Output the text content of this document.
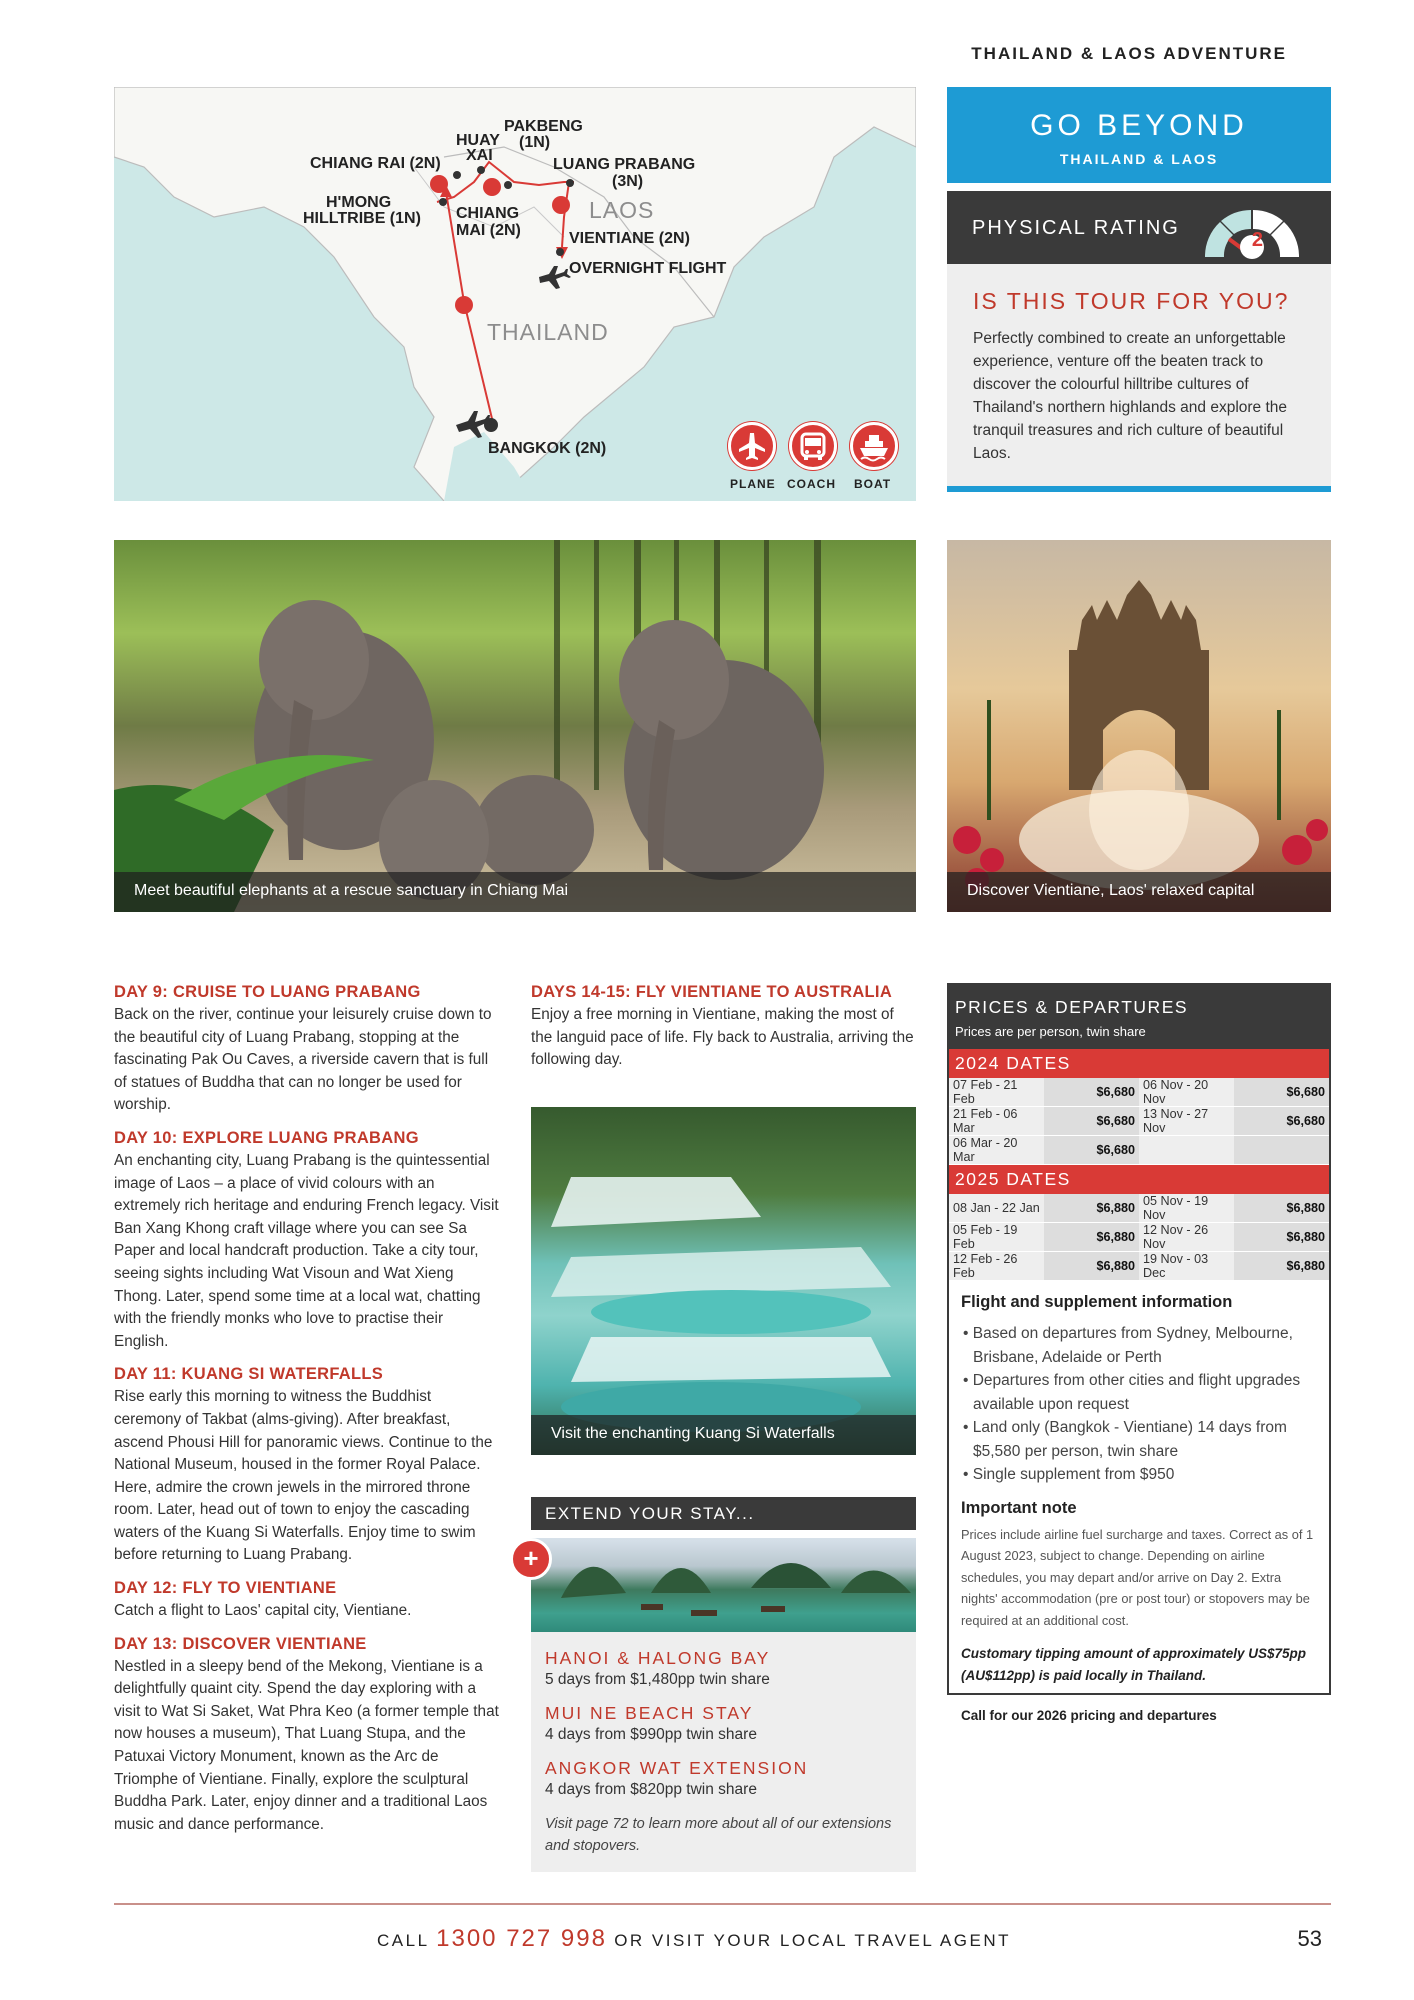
THAILAND & LAOS ADVENTURE
PAKBENG
(1N)
HUAY
XAI
CHIANG RAI (2N)	LUANG PRABANG
(3N)
H'MONG
HILLTRIBE (1N) CHIANG
MAI (2N)	VIENTIANE (2N)
OVERNIGHT FLIGHT
BANGKOK (2N)
LAOS
THAILAND
PLANE COACH BOAT
GO BEYOND
THAILAND & LAOS
PHYSICAL RATING
2
IS THIS TOUR FOR YOU?
Perfectly combined to create an unforgettable experience, venture off the beaten track to discover the colourful hilltribe cultures of Thailand's northern highlands and explore the tranquil treasures and rich culture of beautiful Laos.
Meet beautiful elephants at a rescue sanctuary in Chiang Mai	Discover Vientiane, Laos' relaxed capital
Visit the enchanting Kuang Si Waterfalls
DAY 9: CRUISE TO LUANG PRABANG
Back on the river, continue your leisurely cruise down to the beautiful city of Luang Prabang, stopping at the fascinating Pak Ou Caves, a riverside cavern that is full of statues of Buddha that can no longer be used for worship.
DAY 10: EXPLORE LUANG PRABANG
An enchanting city, Luang Prabang is the quintessential image of Laos – a place of vivid colours with an extremely rich heritage and enduring French legacy. Visit Ban Xang Khong craft village where you can see Sa Paper and local handcraft production. Take a city tour, seeing sights including Wat Visoun and Wat Xieng Thong. Later, spend some time at a local wat, chatting with the friendly monks who love to practise their English.
DAY 11: KUANG SI WATERFALLS
Rise early this morning to witness the Buddhist ceremony of Takbat (alms-giving). After breakfast, ascend Phousi Hill for panoramic views. Continue to the National Museum, housed in the former Royal Palace. Here, admire the crown jewels in the mirrored throne room. Later, head out of town to enjoy the cascading waters of the Kuang Si Waterfalls. Enjoy time to swim before returning to Luang Prabang.
DAY 12: FLY TO VIENTIANE
Catch a flight to Laos' capital city, Vientiane.
DAY 13: DISCOVER VIENTIANE
Nestled in a sleepy bend of the Mekong, Vientiane is a delightfully quaint city. Spend the day exploring with a visit to Wat Si Saket, Wat Phra Keo (a former temple that now houses a museum), That Luang Stupa, and the Patuxai Victory Monument, known as the Arc de Triomphe of Vientiane. Finally, explore the sculptural Buddha Park. Later, enjoy dinner and a traditional Laos music and dance performance.
DAYS 14-15: FLY VIENTIANE TO AUSTRALIA
Enjoy a free morning in Vientiane, making the most of the languid pace of life. Fly back to Australia, arriving the following day.
EXTEND YOUR STAY...
+
HANOI & HALONG BAY
5 days from $1,480pp twin share
MUI NE BEACH STAY
4 days from $990pp twin share
ANGKOR WAT EXTENSION
4 days from $820pp twin share
Visit page 72 to learn more about all of our extensions and stopovers.
PRICES & DEPARTURES
Prices are per person, twin share
2024 DATES
07 Feb - 21 Feb	$6,680	06 Nov - 20 Nov	$6,680
21 Feb - 06 Mar	$6,680	13 Nov - 27 Nov	$6,680
06 Mar - 20 Mar	$6,680		
2025 DATES
08 Jan - 22 Jan	$6,880	05 Nov - 19 Nov	$6,880
05 Feb - 19 Feb	$6,880	12 Nov - 26 Nov	$6,880
12 Feb - 26 Feb	$6,880	19 Nov - 03 Dec	$6,880
Flight and supplement information
• Based on departures from Sydney, Melbourne, Brisbane, Adelaide or Perth
• Departures from other cities and flight upgrades available upon request
• Land only (Bangkok - Vientiane) 14 days from $5,580 per person, twin share
• Single supplement from $950
Important note
Prices include airline fuel surcharge and taxes. Correct as of 1 August 2023, subject to change. Depending on airline schedules, you may depart and/or arrive on Day 2. Extra nights' accommodation (pre or post tour) or stopovers may be required at an additional cost.
Customary tipping amount of approximately US$75pp (AU$112pp) is paid locally in Thailand.
Call for our 2026 pricing and departures
CALL 1300 727 998 OR VISIT YOUR LOCAL TRAVEL AGENT	53
